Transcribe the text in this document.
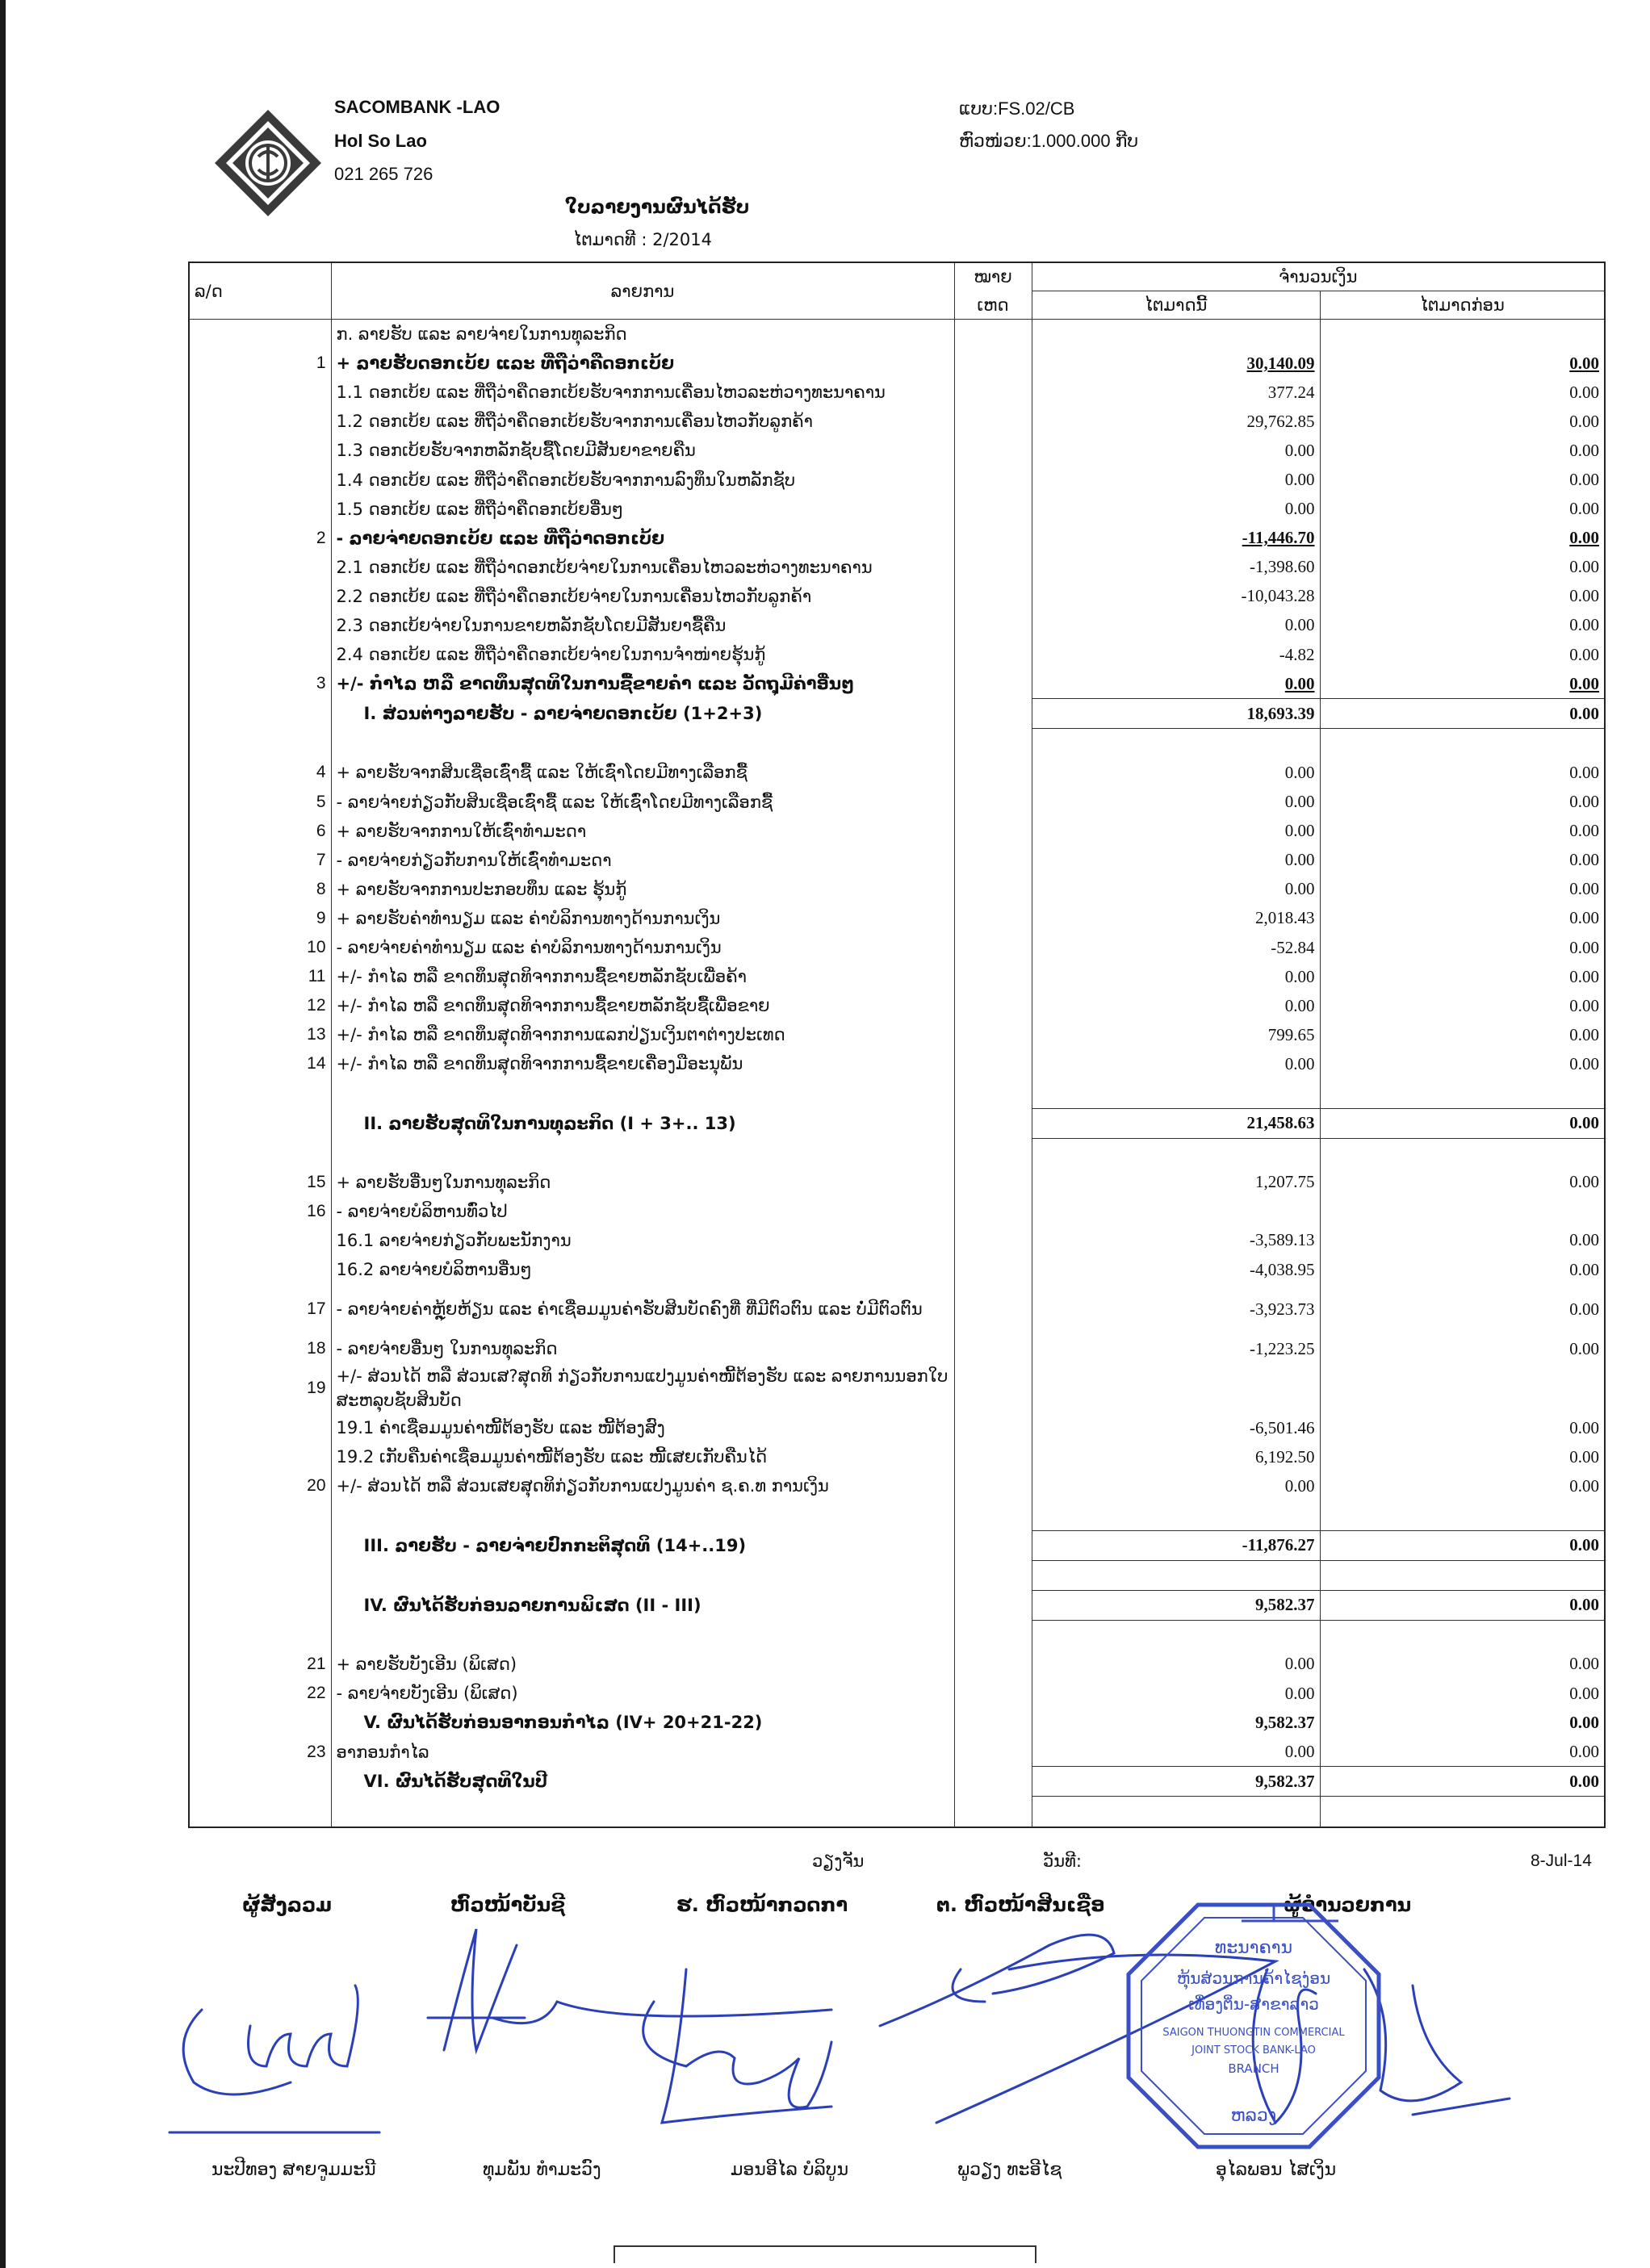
SACOMBANK -LAO
Hol So Lao
021 265 726
ແບບ:FS.02/CB
ຫົວໜ່ວຍ:1.000.000 ກີບ
ໃບລາຍງານຜົນໄດ້ຮັບ
ໄຕມາດທີ : 2/2014
ລ/ດ	ລາຍການ	ໝາຍ	ຈຳນວນເງິນ	
		ເຫດ	ໄຕມາດນີ້	ໄຕມາດກ່ອນ
	ກ. ລາຍຮັບ ແລະ ລາຍຈ່າຍໃນການທຸລະກິດ			
1	+ ລາຍຮັບດອກເບ້ຍ ແລະ ທີ່ຖືວ່າຄືດອກເບ້ຍ		30,140.09	0.00
	1.1 ດອກເບ້ຍ ແລະ ທີ່ຖືວ່າຄືດອກເບ້ຍຮັບຈາກການເຄື່ອນໄຫວລະຫ່ວາງທະນາຄານ		377.24	0.00
	1.2 ດອກເບ້ຍ ແລະ ທີ່ຖືວ່າຄືດອກເບ້ຍຮັບຈາກການເຄື່ອນໄຫວກັບລູກຄ້າ		29,762.85	0.00
	1.3 ດອກເບ້ຍຮັບຈາກຫລັກຊັບຊື້ໂດຍມີສັນຍາຂາຍຄືນ		0.00	0.00
	1.4 ດອກເບ້ຍ ແລະ ທີ່ຖືວ່າຄືດອກເບ້ຍຮັບຈາກການລົງທຶນໃນຫລັກຊັບ		0.00	0.00
	1.5 ດອກເບ້ຍ ແລະ ທີ່ຖືວ່າຄືດອກເບ້ຍອື່ນໆ		0.00	0.00
2	- ລາຍຈ່າຍດອກເບ້ຍ ແລະ ທີ່ຖືວ່າດອກເບ້ຍ		-11,446.70	0.00
	2.1 ດອກເບ້ຍ ແລະ ທີ່ຖືວ່າດອກເບ້ຍຈ່າຍໃນການເຄື່ອນໄຫວລະຫ່ວາງທະນາຄານ		-1,398.60	0.00
	2.2 ດອກເບ້ຍ ແລະ ທີ່ຖືວ່າຄືດອກເບ້ຍຈ່າຍໃນການເຄື່ອນໄຫວກັບລູກຄ້າ		-10,043.28	0.00
	2.3 ດອກເບ້ຍຈ່າຍໃນການຂາຍຫລັກຊັບໂດຍມີສັນຍາຊື້ຄືນ		0.00	0.00
	2.4 ດອກເບ້ຍ ແລະ ທີ່ຖືວ່າຄືດອກເບ້ຍຈ່າຍໃນການຈຳໜ່າຍຮຸ້ນກູ້		-4.82	0.00
3	+/- ກຳໄລ ຫລື ຂາດທຶນສຸດທິໃນການຊື້ຂາຍຄຳ ແລະ ວັດຖຸມີຄ່າອື່ນໆ		0.00	0.00
	I. ສ່ວນຕ່າງລາຍຮັບ - ລາຍຈ່າຍດອກເບ້ຍ (1+2+3)		18,693.39	0.00

4	+ ລາຍຮັບຈາກສິນເຊື່ອເຊົ່າຊື້ ແລະ ໃຫ້ເຊົ່າໂດຍມີທາງເລືອກຊື້		0.00	0.00
5	- ລາຍຈ່າຍກ່ຽວກັບສິນເຊື່ອເຊົ່າຊື້ ແລະ ໃຫ້ເຊົ່າໂດຍມີທາງເລືອກຊື້		0.00	0.00
6	+ ລາຍຮັບຈາກການໃຫ້ເຊົ່າທຳມະດາ		0.00	0.00
7	- ລາຍຈ່າຍກ່ຽວກັບການໃຫ້ເຊົ່າທຳມະດາ		0.00	0.00
8	+ ລາຍຮັບຈາກການປະກອບທຶນ ແລະ ຮຸ້ນກູ້		0.00	0.00
9	+ ລາຍຮັບຄ່າທຳນຽມ ແລະ ຄ່າບໍລິການທາງດ້ານການເງິນ		2,018.43	0.00
10	- ລາຍຈ່າຍຄ່າທຳນຽມ ແລະ ຄ່າບໍລິການທາງດ້ານການເງິນ		-52.84	0.00
11	+/- ກຳໄລ ຫລື ຂາດທຶນສຸດທິຈາກການຊື້ຂາຍຫລັກຊັບເພື່ອຄ້າ		0.00	0.00
12	+/- ກຳໄລ ຫລື ຂາດທຶນສຸດທິຈາກການຊື້ຂາຍຫລັກຊັບຊື້ເພື່ອຂາຍ		0.00	0.00
13	+/- ກຳໄລ ຫລື ຂາດທຶນສຸດທິຈາກການແລກປ່ຽນເງິນຕາຕ່າງປະເທດ		799.65	0.00
14	+/- ກຳໄລ ຫລື ຂາດທຶນສຸດທິຈາກການຊື້ຂາຍເຄື່ອງມືອະນຸພັນ		0.00	0.00

	II. ລາຍຮັບສຸດທິໃນການທຸລະກິດ (I + 3+.. 13)		21,458.63	0.00

15	+ ລາຍຮັບອື່ນໆໃນການທຸລະກິດ		1,207.75	0.00
16	- ລາຍຈ່າຍບໍລິຫານທົ່ວໄປ			
	16.1 ລາຍຈ່າຍກ່ຽວກັບພະນັກງານ		-3,589.13	0.00
	16.2 ລາຍຈ່າຍບໍລິຫານອື່ນໆ		-4,038.95	0.00
17	- ລາຍຈ່າຍຄ່າຫຼຸ້ຍຫ້ຽນ ແລະ ຄ່າເຊື່ອມມູນຄ່າຮັບສິນບັດຄົງທີ່ ທີ່ມີຕົວຕົນ ແລະ ບໍ່ມີຕົວຕົນ		-3,923.73	0.00
18	- ລາຍຈ່າຍອື່ນໆ ໃນການທຸລະກິດ		-1,223.25	0.00
19	+/- ສ່ວນໄດ້ ຫລື ສ່ວນເສ?ສຸດທິ ກ່ຽວກັບການແປງມູນຄ່າໜີ້ຕ້ອງຮັບ ແລະ ລາຍການນອກໃບສະຫລຸບຊັບສິນບັດ			
	19.1 ຄ່າເຊື່ອມມູນຄ່າໜີ້ຕ້ອງຮັບ ແລະ ໜີ້ຕ້ອງສົງ		-6,501.46	0.00
	19.2 ເກັບຄືນຄ່າເຊື່ອມມູນຄ່າໜີ້ຕ້ອງຮັບ ແລະ ໜີ້ເສຍເກັບຄືນໄດ້		6,192.50	0.00
20	+/- ສ່ວນໄດ້ ຫລື ສ່ວນເສຍສຸດທິກ່ຽວກັບການແປງມູນຄ່າ ຊ.ຄ.ທ ການເງິນ		0.00	0.00

	III. ລາຍຮັບ - ລາຍຈ່າຍປົກກະຕິສຸດທິ (14+..19)		-11,876.27	0.00

	IV. ຜົນໄດ້ຮັບກ່ອນລາຍການພິເສດ (II - III)		9,582.37	0.00

21	+ ລາຍຮັບບັງເອີນ (ພິເສດ)		0.00	0.00
22	- ລາຍຈ່າຍບັງເອີນ (ພິເສດ)		0.00	0.00
	V. ຜົນໄດ້ຮັບກ່ອນອາກອນກຳໄລ (IV+ 20+21-22)		9,582.37	0.00
23	ອາກອນກຳໄລ		0.00	0.00
	VI. ຜົນໄດ້ຮັບສຸດທິໃນປີ		9,582.37	0.00

ວຽງຈັນ	ວັນທີ:	8-Jul-14
ຜູ້ສັງລວມ	ຫົວໜ້າບັນຊີ	ຮ. ຫົວໜ້າກວດກາ	ຕ. ຫົວໜ້າສິນເຊື່ອ	ຜູ້ອຳນວຍການ
ທະນາຄານ
ຫຸ້ນສ່ວນການຄ້າໄຊງ່ອນ
ເທື່ອງຕິ່ນ-ສາຂາລາວ
SAIGON THUONGTIN COMMERCIAL
JOINT STOCK BANK-LAO
BRANCH
ຫລວງ
ນະປີທອງ ສາຍຈູມມະນີ	ທຸມພັນ ທຳມະວົງ	ມອນອີໄລ ບໍລິບູນ	ພູວຽງ ທະອີໄຊ	ອຸໄລພອນ ໄສເງິນ
